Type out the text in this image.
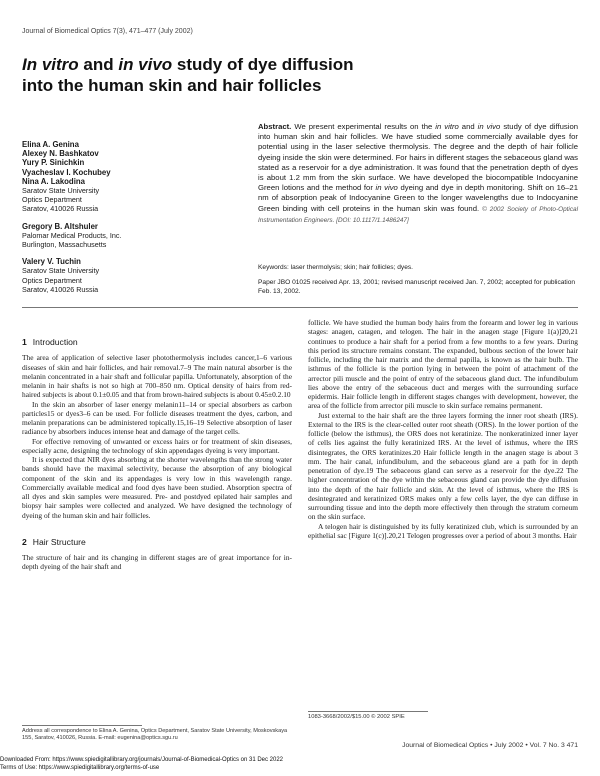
Journal of Biomedical Optics 7(3), 471–477 (July 2002)
In vitro and in vivo study of dye diffusion
into the human skin and hair follicles
Elina A. Genina
Alexey N. Bashkatov
Yury P. Sinichkin
Vyacheslav I. Kochubey
Nina A. Lakodina
Saratov State University
Optics Department
Saratov, 410026 Russia
Gregory B. Altshuler
Palomar Medical Products, Inc.
Burlington, Massachusetts
Valery V. Tuchin
Saratov State University
Optics Department
Saratov, 410026 Russia
Abstract. We present experimental results on the in vitro and in vivo study of dye diffusion into human skin and hair follicles. We have studied some commercially available dyes for potential using in the laser selective thermolysis. The degree and the depth of hair follicle dyeing inside the skin were determined. For hairs in different stages the sebaceous gland was stated as a reservoir for a dye administration. It was found that the penetration depth of dyes is about 1.2 mm from the skin surface. We have developed the biocompatible Indocyanine Green lotions and the method for in vivo dyeing and dye in depth monitoring. Shift on 16–21 nm of absorption peak of Indocyanine Green to the longer wavelengths due to Indocyanine Green binding with cell proteins in the human skin was found. © 2002 Society of Photo-Optical Instrumentation Engineers. [DOI: 10.1117/1.1486247]
Keywords: laser thermolysis; skin; hair follicles; dyes.
Paper JBO 01025 received Apr. 13, 2001; revised manuscript received Jan. 7, 2002; accepted for publication Feb. 13, 2002.
1 Introduction

The area of application of selective laser photothermolysis includes cancer,1–6 various diseases of skin and hair follicles, and hair removal.7–9 The main natural absorber is the melanin concentrated in a hair shaft and follicular papilla. Unfortunately, absorption of the melanin in hair shafts is not so high at 700–850 nm. Optical density of hairs from red-haired subjects is about 0.1±0.05 and that from brown-haired subjects is about 0.45±0.2.10

In the skin an absorber of laser energy melanin11–14 or special absorbers as carbon particles15 or dyes3–6 can be used. For follicle diseases treatment the dyes, carbon, and melanin preparations can be administered topically.15,16–19 Selective absorption of laser radiance by absorbers induces intense heat and damage of the target cells.

For effective removing of unwanted or excess hairs or for treatment of skin diseases, especially acne, designing the technology of skin appendages dyeing is very important.

It is expected that NIR dyes absorbing at the shorter wavelengths than the strong water bands should have the maximal selectivity, because the absorption of any biological component of the skin and its appendages is very low in this wavelength range. Commercially available medical and food dyes have been studied. Absorption spectra of all dyes and skin samples were measured. Pre- and postdyed epilated hair samples and biopsy hair samples were collected and analyzed. We have designed the technology of dyeing of the human skin and hair follicles.

2 Hair Structure

The structure of hair and its changing in different stages are of great importance for in-depth dyeing of the hair shaft and

follicle. We have studied the human body hairs from the forearm and lower leg in various stages: anagen, catagen, and telogen. The hair in the anagen stage [Figure 1(a)]20,21 continues to produce a hair shaft for a period from a few months to a few years. During this period its structure remains constant. The expanded, bulbous section of the lower hair follicle, including the hair matrix and the dermal papilla, is known as the hair bulb. The isthmus of the follicle is the portion lying in between the point of attachment of the arrector pili muscle and the point of entry of the sebaceous gland duct. The infundibulum lies above the entry of the sebaceous duct and merges with the surrounding surface epidermis. Hair follicle length in different stages changes with development, however, the area of the follicle from arrector pili muscle to skin surface remains permanent.

Just external to the hair shaft are the three layers forming the inner root sheath (IRS). External to the IRS is the clear-celled outer root sheath (ORS). In the lower portion of the follicle (below the isthmus), the ORS does not keratinize. The nonkeratinized inner layer of cells lies against the fully keratinized IRS. At the level of isthmus, where the IRS disintegrates, the ORS keratinizes.20 Hair follicle length in the anagen stage is about 3 mm. The hair canal, infundibulum, and the sebaceous gland are a path for in depth penetration of dye.19 The sebaceous gland can serve as a reservoir for the dye.22 The higher concentration of the dye within the sebaceous gland can provide the dye diffusion into the depth of the hair follicle and skin. At the level of isthmus, where the IRS is desintegrated and keratinized ORS makes only a few cells layer, the dye can diffuse in surrounding tissue and into the depth more effectively then through the stratum corneum on the skin surface.

A telogen hair is distinguished by its fully keratinized club, which is surrounded by an epithelial sac [Figure 1(c)].20,21 Telogen progresses over a period of about 3 months. Hair

Address all correspondence to Elina A. Genina, Optics Department, Saratov State University, Moskovskaya 155, Saratov, 410026, Russia. E-mail: eugenina@optics.sgu.ru
1083-3668/2002/$15.00 © 2002 SPIE
Journal of Biomedical Optics • July 2002 • Vol. 7 No. 3 471
Downloaded From: https://www.spiedigitallibrary.org/journals/Journal-of-Biomedical-Optics on 31 Dec 2022
Terms of Use: https://www.spiedigitallibrary.org/terms-of-use
